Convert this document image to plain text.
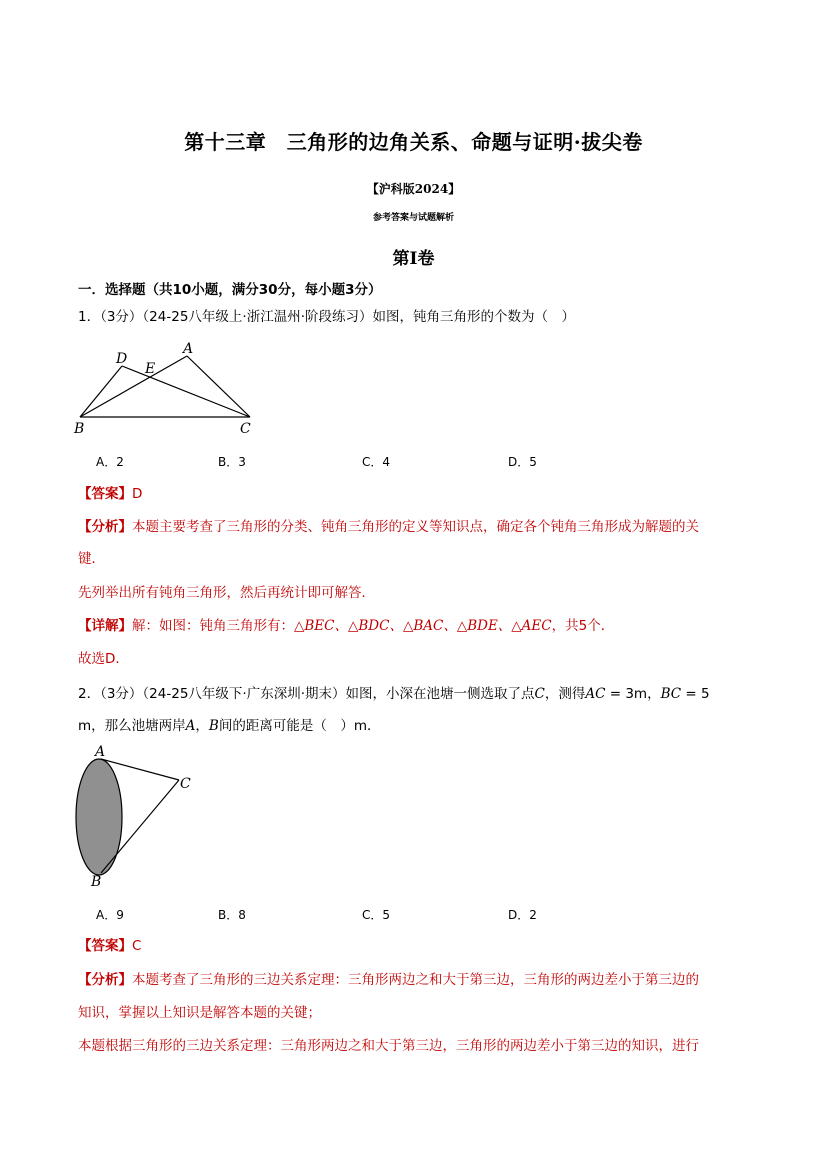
第十三章　三角形的边角关系、命题与证明·拔尖卷
【沪科版2024】
参考答案与试题解析
第I卷
一．选择题（共10小题，满分30分，每小题3分）
1．（3分）（24-25八年级上·浙江温州·阶段练习）如图，钝角三角形的个数为（　）
D
A
E
B	C
A．2	B．3	C．4	D．5
【答案】D
【分析】本题主要考查了三角形的分类、钝角三角形的定义等知识点，确定各个钝角三角形成为解题的关
键．
先列举出所有钝角三角形，然后再统计即可解答．
【详解】解：如图：钝角三角形有：△BEC、△BDC、△BAC、△BDE、△AEC，共5个．
故选D．
2．（3分）（24-25八年级下·广东深圳·期末）如图，小深在池塘一侧选取了点C，测得AC = 3m，BC = 5
m，那么池塘两岸A，B间的距离可能是（　）m．
A
C
B
A．9	B．8	C．5	D．2
【答案】C
【分析】本题考查了三角形的三边关系定理：三角形两边之和大于第三边，三角形的两边差小于第三边的
知识，掌握以上知识是解答本题的关键；
本题根据三角形的三边关系定理：三角形两边之和大于第三边，三角形的两边差小于第三边的知识，进行
